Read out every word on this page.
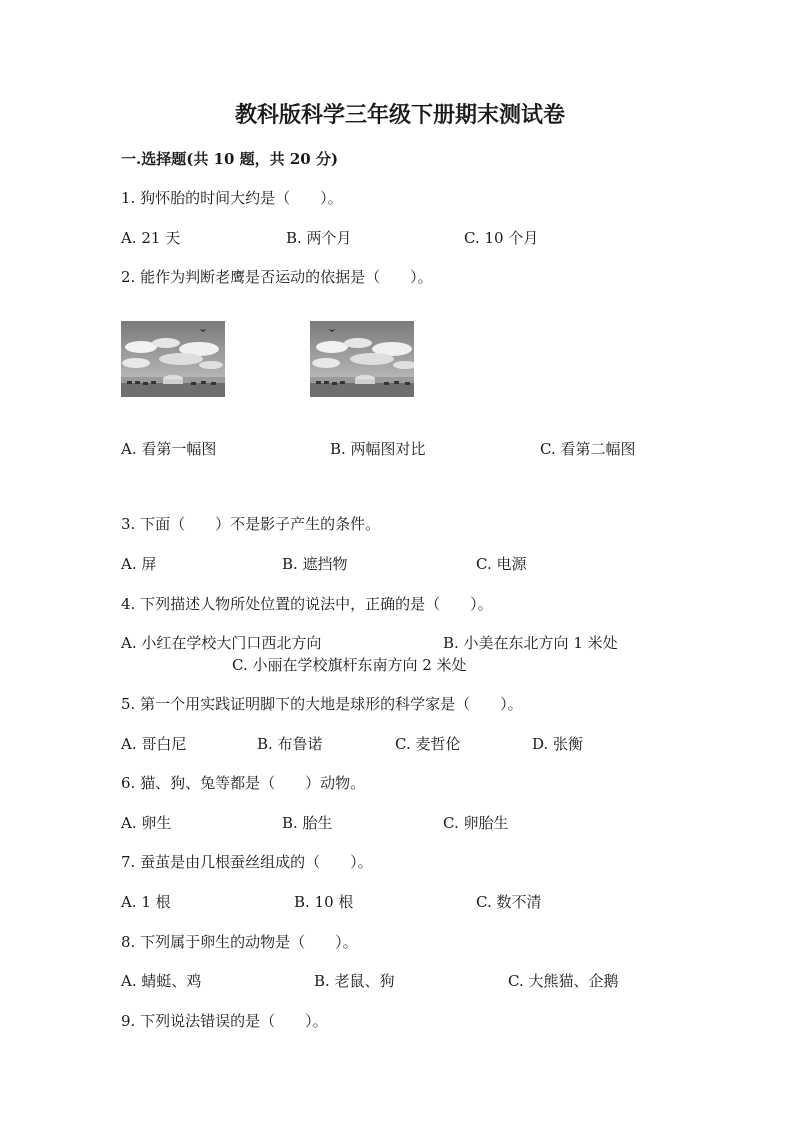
教科版科学三年级下册期末测试卷
一.选择题(共 10 题，共 20 分)
1. 狗怀胎的时间大约是（　　）。
A. 21 天	B. 两个月	C. 10 个月
2. 能作为判断老鹰是否运动的依据是（　　）。
A. 看第一幅图	B. 两幅图对比	C. 看第二幅图
3. 下面（　　）不是影子产生的条件。
A. 屏	B. 遮挡物	C. 电源
4. 下列描述人物所处位置的说法中，正确的是（　　）。
A. 小红在学校大门口西北方向	B. 小美在东北方向 1 米处
C. 小丽在学校旗杆东南方向 2 米处
5. 第一个用实践证明脚下的大地是球形的科学家是（　　）。
A. 哥白尼	B. 布鲁诺	C. 麦哲伦	D. 张衡
6. 猫、狗、兔等都是（　　）动物。
A. 卵生	B. 胎生	C. 卵胎生
7. 蚕茧是由几根蚕丝组成的（　　）。
A. 1 根	B. 10 根	C. 数不清
8. 下列属于卵生的动物是（　　）。
A. 蜻蜓、鸡	B. 老鼠、狗	C. 大熊猫、企鹅
9. 下列说法错误的是（　　）。
